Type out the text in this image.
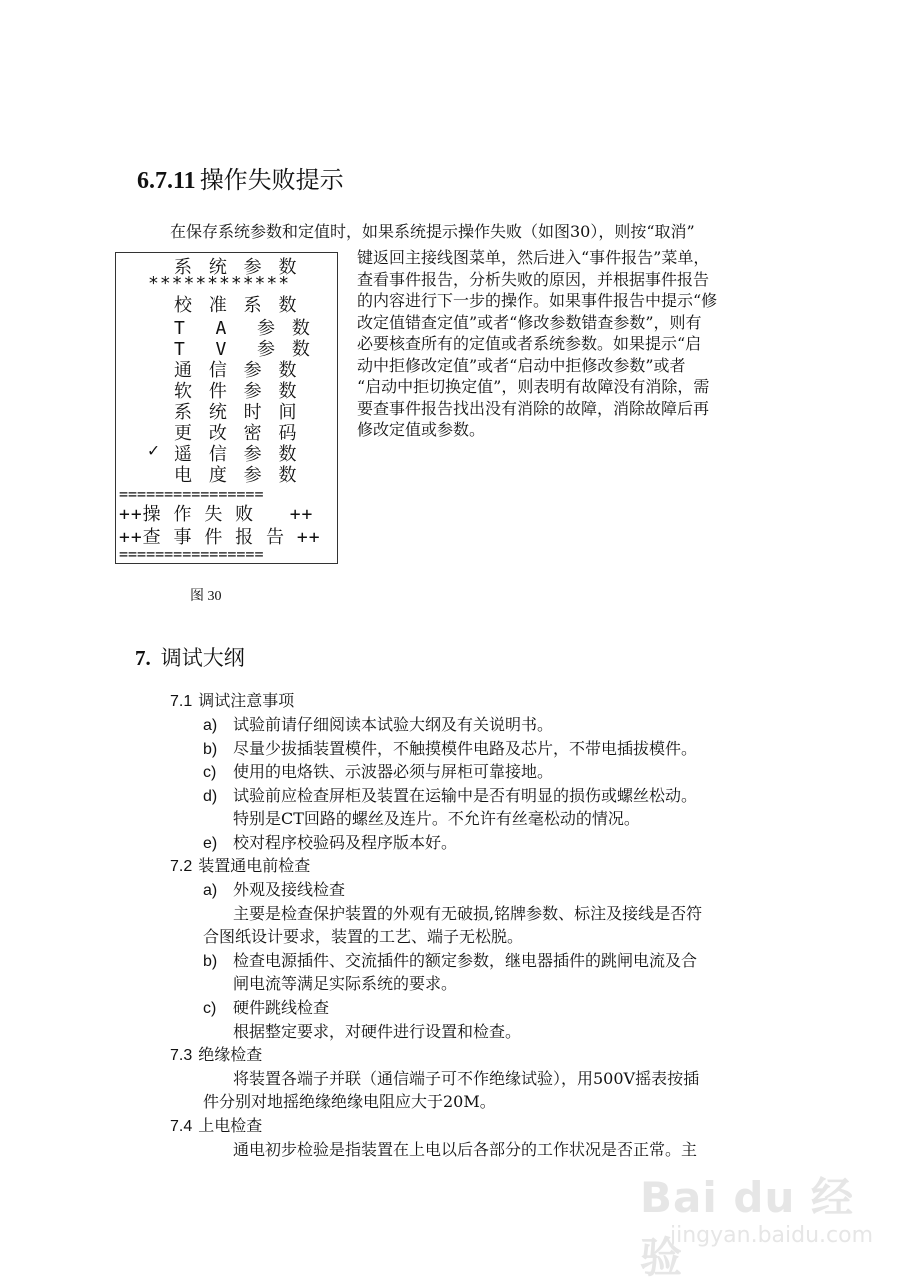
6.7.11 操作失败提示
在保存系统参数和定值时，如果系统提示操作失败（如图30），则按“取消”
系 统 参 数
************
校 准 系 数
T  A  参 数
T  V  参 数
通 信 参 数
软 件 参 数
系 统 时 间
更 改 密 码
✓ 遥 信 参 数
电 度 参 数
================
++操 作 失 败   ++
++查 事 件 报 告 ++
================
键返回主接线图菜单，然后进入“事件报告”菜单，
查看事件报告，分析失败的原因，并根据事件报告
的内容进行下一步的操作。如果事件报告中提示“修
改定值错查定值”或者“修改参数错查参数”，则有
必要核查所有的定值或者系统参数。如果提示“启
动中拒修改定值”或者“启动中拒修改参数”或者
“启动中拒切换定值”，则表明有故障没有消除，需
要查事件报告找出没有消除的故障，消除故障后再
修改定值或参数。
图 30
7. 调试大纲
7.1 调试注意事项
a) 试验前请仔细阅读本试验大纲及有关说明书。
b) 尽量少拔插装置模件，不触摸模件电路及芯片，不带电插拔模件。
c) 使用的电烙铁、示波器必须与屏柜可靠接地。
d) 试验前应检查屏柜及装置在运输中是否有明显的损伤或螺丝松动。
特别是CT回路的螺丝及连片。不允许有丝毫松动的情况。
e) 校对程序校验码及程序版本好。
7.2 装置通电前检查
a) 外观及接线检查
主要是检查保护装置的外观有无破损,铭牌参数、标注及接线是否符
合图纸设计要求，装置的工艺、端子无松脱。
b) 检查电源插件、交流插件的额定参数，继电器插件的跳闸电流及合
闸电流等满足实际系统的要求。
c) 硬件跳线检查
根据整定要求，对硬件进行设置和检查。
7.3 绝缘检查
将装置各端子并联（通信端子可不作绝缘试验），用500V摇表按插
件分别对地摇绝缘绝缘电阻应大于20M。
7.4 上电检查
通电初步检验是指装置在上电以后各部分的工作状况是否正常。主
Bai du 经验
jingyan.baidu.com
